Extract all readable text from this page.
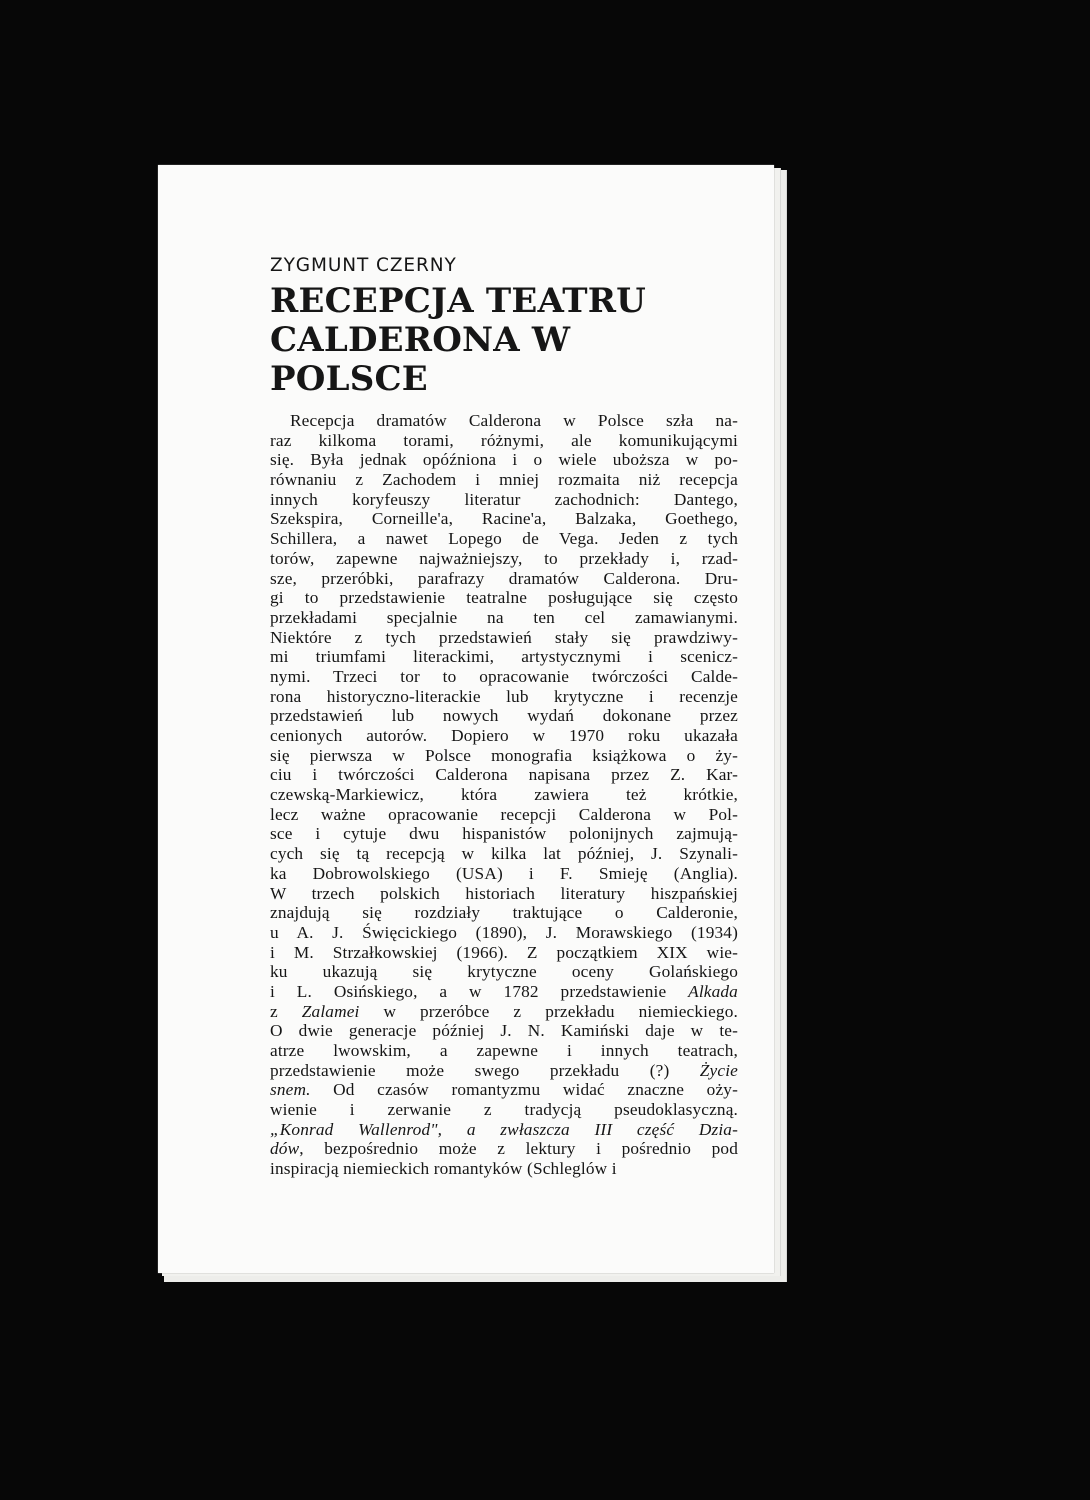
ZYGMUNT CZERNY
RECEPCJA TEATRU
CALDERONA W POLSCE
Recepcja dramatów Calderona w Polsce szła na-
raz kilkoma torami, różnymi, ale komunikującymi
się. Była jednak opóźniona i o wiele uboższa w po-
równaniu z Zachodem i mniej rozmaita niż recepcja
innych koryfeuszy literatur zachodnich: Dantego,
Szekspira, Corneille'a, Racine'a, Balzaka, Goethego,
Schillera, a nawet Lopego de Vega. Jeden z tych
torów, zapewne najważniejszy, to przekłady i, rzad-
sze, przeróbki, parafrazy dramatów Calderona. Dru-
gi to przedstawienie teatralne posługujące się często
przekładami specjalnie na ten cel zamawianymi.
Niektóre z tych przedstawień stały się prawdziwy-
mi triumfami literackimi, artystycznymi i scenicz-
nymi. Trzeci tor to opracowanie twórczości Calde-
rona historyczno-literackie lub krytyczne i recenzje
przedstawień lub nowych wydań dokonane przez
cenionych autorów. Dopiero w 1970 roku ukazała
się pierwsza w Polsce monografia książkowa o ży-
ciu i twórczości Calderona napisana przez Z. Kar-
czewską-Markiewicz, która zawiera też krótkie,
lecz ważne opracowanie recepcji Calderona w Pol-
sce i cytuje dwu hispanistów polonijnych zajmują-
cych się tą recepcją w kilka lat później, J. Szynali-
ka Dobrowolskiego (USA) i F. Smieję (Anglia).
W trzech polskich historiach literatury hiszpańskiej
znajdują się rozdziały traktujące o Calderonie,
u A. J. Święcickiego (1890), J. Morawskiego (1934)
i M. Strzałkowskiej (1966). Z początkiem XIX wie-
ku ukazują się krytyczne oceny Golańskiego
i L. Osińskiego, a w 1782 przedstawienie Alkada
z Zalamei w przeróbce z przekładu niemieckiego.
O dwie generacje później J. N. Kamiński daje w te-
atrze lwowskim, a zapewne i innych teatrach,
przedstawienie może swego przekładu (?) Życie
snem. Od czasów romantyzmu widać znaczne oży-
wienie i zerwanie z tradycją pseudoklasyczną.
„Konrad Wallenrod", a zwłaszcza III część Dzia-
dów, bezpośrednio może z lektury i pośrednio pod
inspiracją niemieckich romantyków (Schleglów i
